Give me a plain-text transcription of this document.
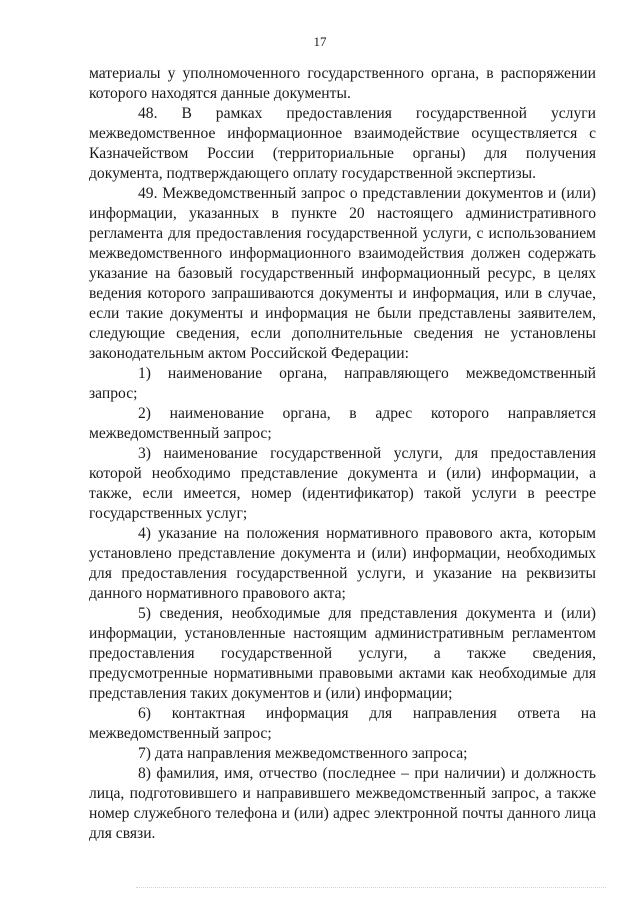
17

материалы у уполномоченного государственного органа, в распоряжении которого находятся данные документы.

48. В рамках предоставления государственной услуги межведомственное информационное взаимодействие осуществляется с Казначейством России (территориальные органы) для получения документа, подтверждающего оплату государственной экспертизы.

49. Межведомственный запрос о представлении документов и (или) информации, указанных в пункте 20 настоящего административного регламента для предоставления государственной услуги, с использованием межведомственного информационного взаимодействия должен содержать указание на базовый государственный информационный ресурс, в целях ведения которого запрашиваются документы и информация, или в случае, если такие документы и информация не были представлены заявителем, следующие сведения, если дополнительные сведения не установлены законодательным актом Российской Федерации:

1) наименование органа, направляющего межведомственный запрос;

2) наименование органа, в адрес которого направляется межведомственный запрос;

3) наименование государственной услуги, для предоставления которой необходимо представление документа и (или) информации, а также, если имеется, номер (идентификатор) такой услуги в реестре государственных услуг;

4) указание на положения нормативного правового акта, которым установлено представление документа и (или) информации, необходимых для предоставления государственной услуги, и указание на реквизиты данного нормативного правового акта;

5) сведения, необходимые для представления документа и (или) информации, установленные настоящим административным регламентом предоставления государственной услуги, а также сведения, предусмотренные нормативными правовыми актами как необходимые для представления таких документов и (или) информации;

6) контактная информация для направления ответа на межведомственный запрос;

7) дата направления межведомственного запроса;

8) фамилия, имя, отчество (последнее – при наличии) и должность лица, подготовившего и направившего межведомственный запрос, а также номер служебного телефона и (или) адрес электронной почты данного лица для связи.
